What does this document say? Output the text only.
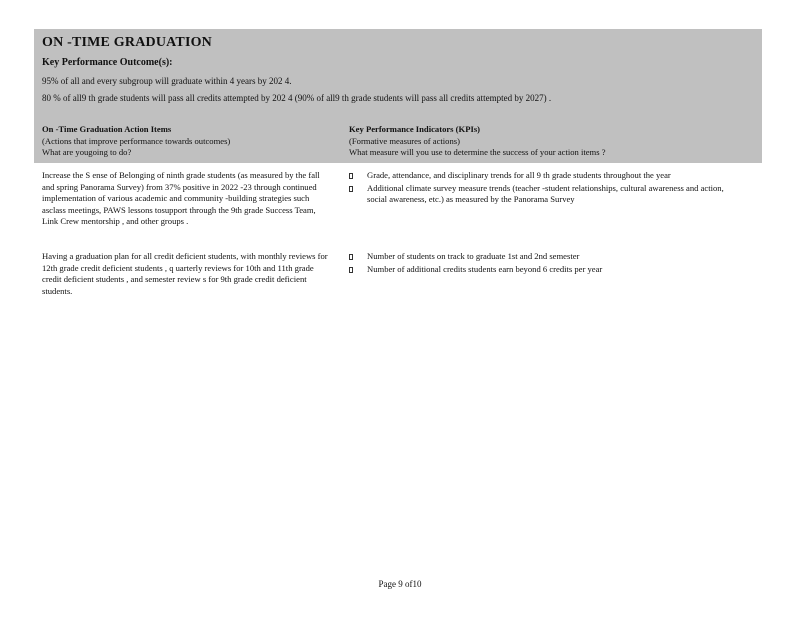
ON -TIME GRADUATION
Key Performance Outcome(s):
95% of all and every subgroup will graduate within 4 years by 202 4.
80 % of all9 th grade students will pass all credits attempted by 202 4 (90% of all9 th grade students will pass all credits attempted by 2027) .
On -Time Graduation Action Items
(Actions that improve performance towards outcomes)
What are yougoing to do?
Key Performance Indicators (KPIs)
(Formative measures of actions)
What measure will you use to determine the success of your action items ?
Increase the S ense of Belonging of ninth grade students (as measured by the fall and spring Panorama Survey) from 37% positive in 2022 -23 through continued implementation of various academic and community -building strategies such asclass meetings, PAWS lessons tosupport through the 9th grade Success Team, Link Crew mentorship , and other groups .
Grade, attendance, and disciplinary trends for all 9 th grade students throughout the year
Additional climate survey measure trends (teacher -student relationships, cultural awareness and action, social awareness, etc.) as measured by the Panorama Survey
Having a graduation plan for all credit deficient students, with monthly reviews for 12th grade credit deficient students , q uarterly reviews for 10th and 11th grade credit deficient students , and semester review s for 9th grade credit deficient students.
Number of students on track to graduate 1st and 2nd semester
Number of additional credits students earn beyond 6 credits per year
Page 9 of10
